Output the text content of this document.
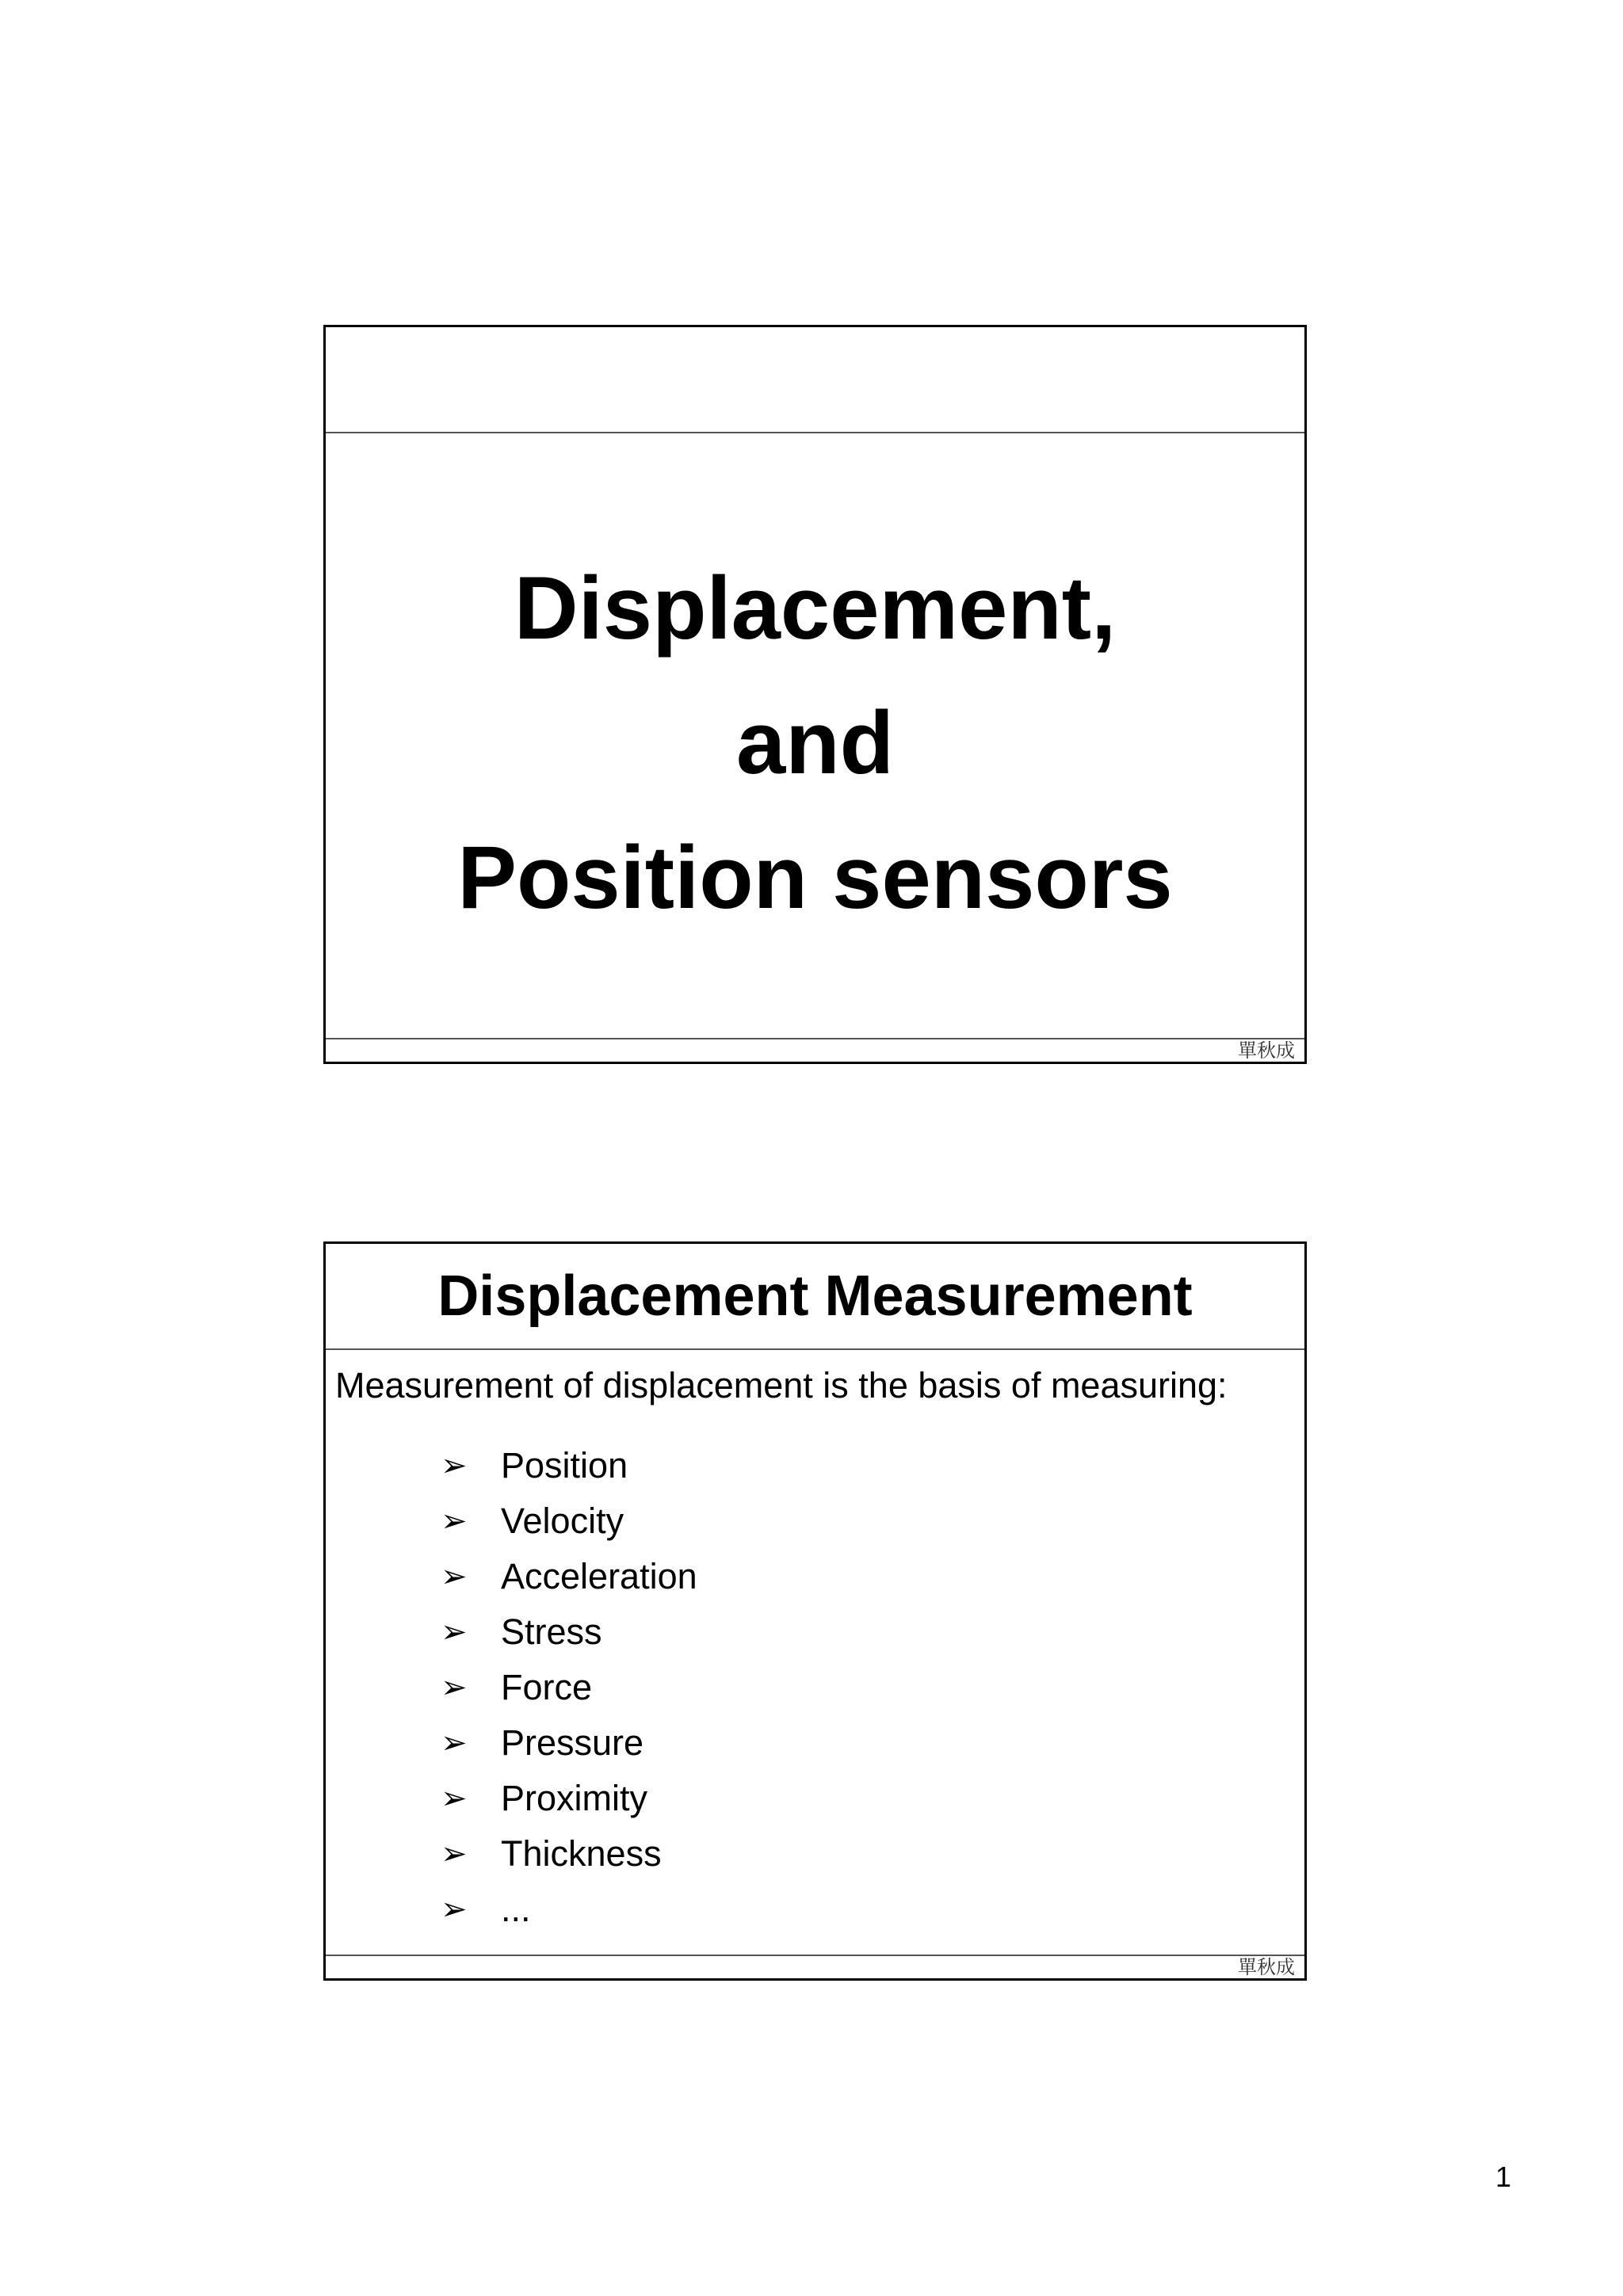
Displacement,
and
Position sensors
單秋成
Displacement Measurement
Measurement of displacement is the basis of measuring:
➢ Position
➢ Velocity
➢ Acceleration
➢ Stress
➢ Force
➢ Pressure
➢ Proximity
➢ Thickness
➢ ...
單秋成
1
